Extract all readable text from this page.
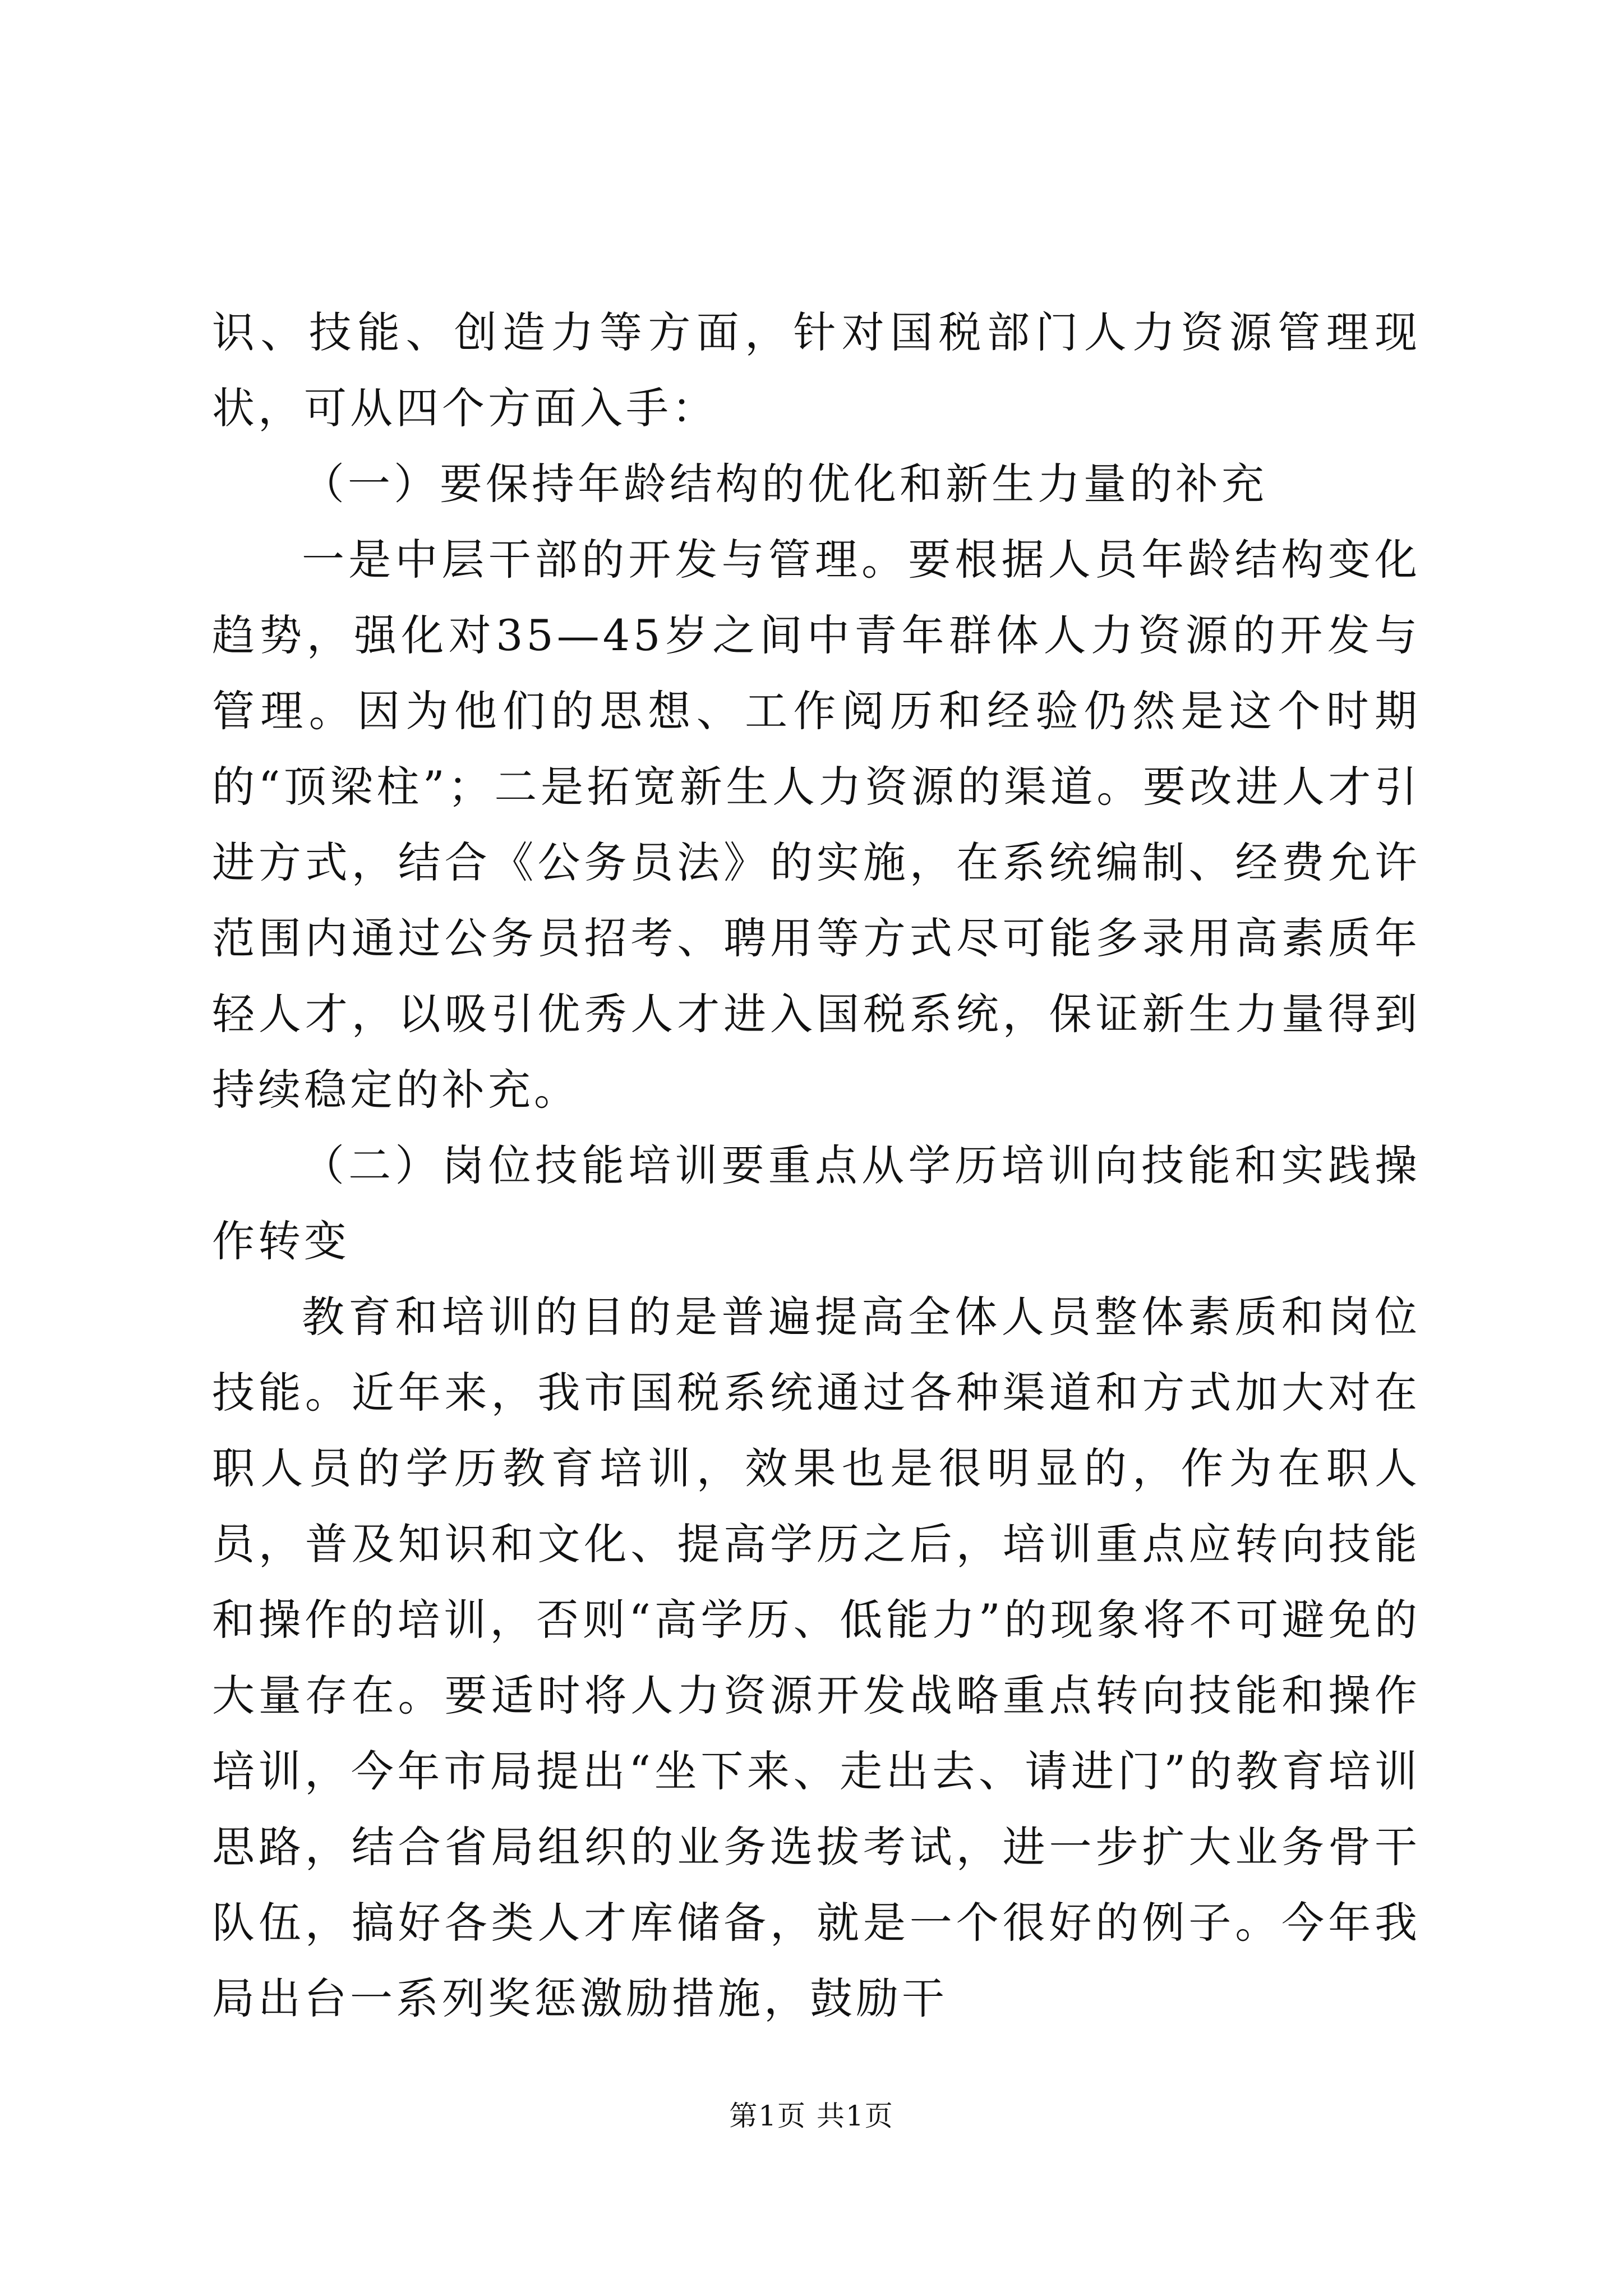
识、技能、创造力等方面，针对国税部门人力资源管理现状，可从四个方面入手：

（一）要保持年龄结构的优化和新生力量的补充

一是中层干部的开发与管理。要根据人员年龄结构变化趋势，强化对35—45岁之间中青年群体人力资源的开发与管理。因为他们的思想、工作阅历和经验仍然是这个时期的“顶梁柱”；二是拓宽新生人力资源的渠道。要改进人才引进方式，结合《公务员法》的实施，在系统编制、经费允许范围内通过公务员招考、聘用等方式尽可能多录用高素质年轻人才，以吸引优秀人才进入国税系统，保证新生力量得到持续稳定的补充。

（二）岗位技能培训要重点从学历培训向技能和实践操作转变

教育和培训的目的是普遍提高全体人员整体素质和岗位技能。近年来，我市国税系统通过各种渠道和方式加大对在职人员的学历教育培训，效果也是很明显的，作为在职人员，普及知识和文化、提高学历之后，培训重点应转向技能和操作的培训，否则“高学历、低能力”的现象将不可避免的大量存在。要适时将人力资源开发战略重点转向技能和操作培训，今年市局提出“坐下来、走出去、请进门”的教育培训思路，结合省局组织的业务选拔考试，进一步扩大业务骨干队伍，搞好各类人才库储备，就是一个很好的例子。今年我局出台一系列奖惩激励措施，鼓励干

第1页 共1页
